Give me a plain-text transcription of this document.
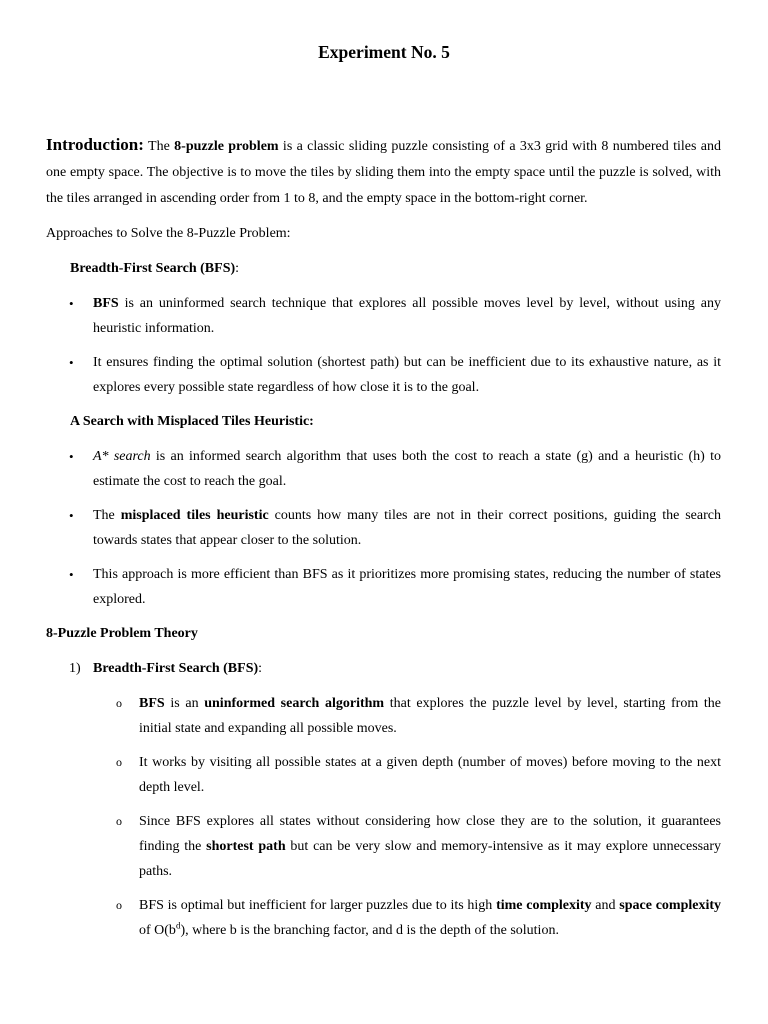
Experiment No. 5

Introduction: The 8-puzzle problem is a classic sliding puzzle consisting of a 3x3 grid with 8 numbered tiles and one empty space. The objective is to move the tiles by sliding them into the empty space until the puzzle is solved, with the tiles arranged in ascending order from 1 to 8, and the empty space in the bottom-right corner.

Approaches to Solve the 8-Puzzle Problem:

Breadth-First Search (BFS):

• BFS is an uninformed search technique that explores all possible moves level by level, without using any heuristic information.
• It ensures finding the optimal solution (shortest path) but can be inefficient due to its exhaustive nature, as it explores every possible state regardless of how close it is to the goal.

A Search with Misplaced Tiles Heuristic:

• A* search is an informed search algorithm that uses both the cost to reach a state (g) and a heuristic (h) to estimate the cost to reach the goal.
• The misplaced tiles heuristic counts how many tiles are not in their correct positions, guiding the search towards states that appear closer to the solution.
• This approach is more efficient than BFS as it prioritizes more promising states, reducing the number of states explored.

8-Puzzle Problem Theory

1) Breadth-First Search (BFS):

o BFS is an uninformed search algorithm that explores the puzzle level by level, starting from the initial state and expanding all possible moves.
o It works by visiting all possible states at a given depth (number of moves) before moving to the next depth level.
o Since BFS explores all states without considering how close they are to the solution, it guarantees finding the shortest path but can be very slow and memory-intensive as it may explore unnecessary paths.
o BFS is optimal but inefficient for larger puzzles due to its high time complexity and space complexity of $O(b^d)$, where b is the branching factor, and d is the depth of the solution.
